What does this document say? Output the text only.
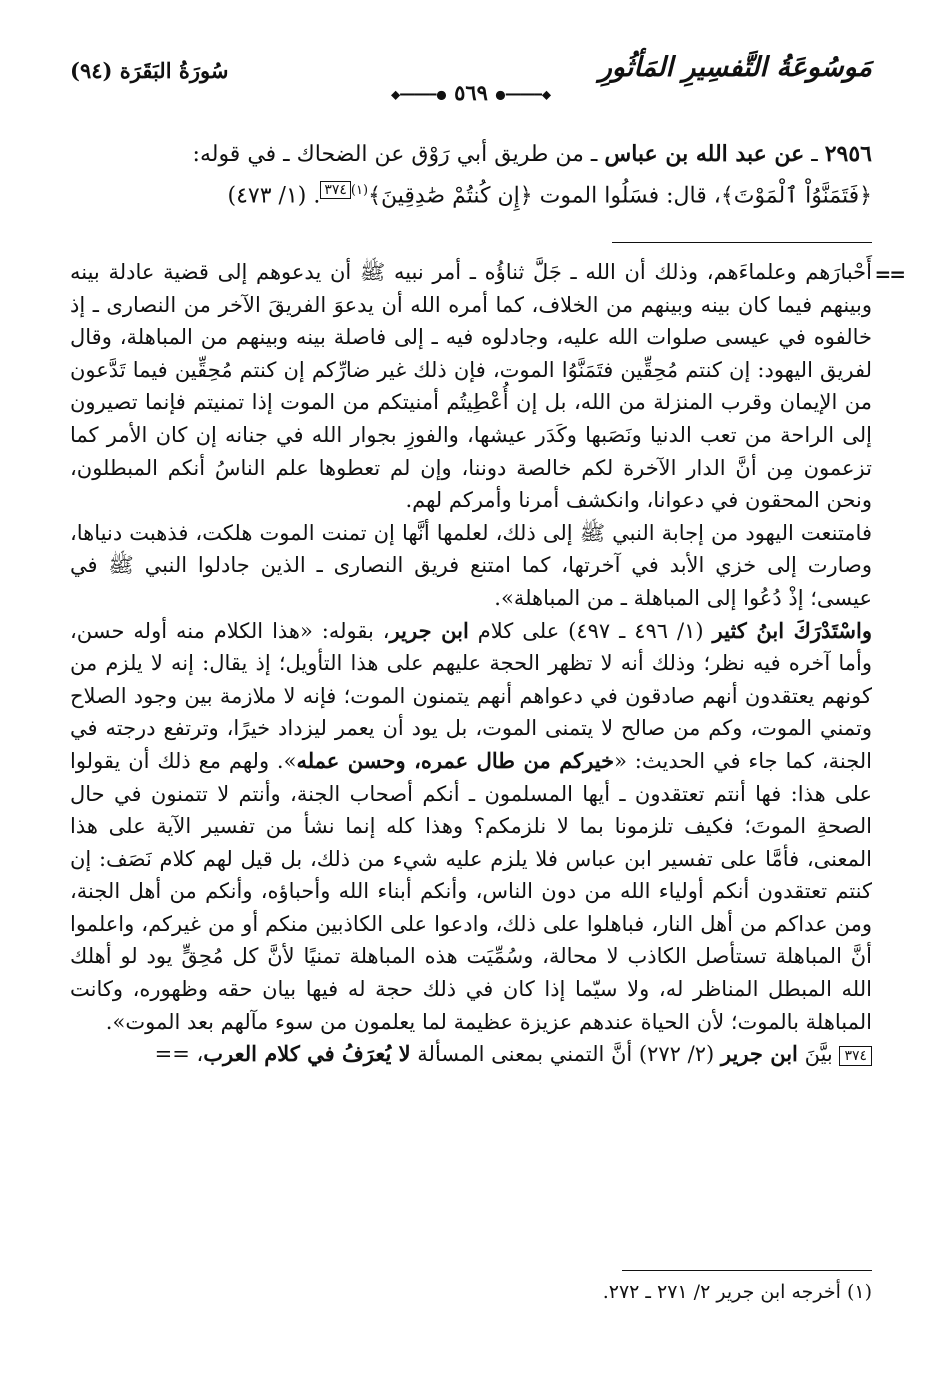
مَوسُوعَةُ التَّفسِيرِ المَأثُورِ
سُورَةُ البَقَرَة (٩٤)
◆━━━━━● ٥٦٩ ●━━━━━◆
٢٩٥٦ ـ عن عبد الله بن عباس ـ من طريق أبي رَوْق عن الضحاك ـ في قوله:
﴿فَتَمَنَّوُاْ ٱلْمَوْتَ﴾، قال: فسَلُوا الموت ﴿إِن كُنتُمْ صَٰدِقِينَ﴾$^{(١)}$٣٧٤. (١/ ٤٧٣)
==

أَحْبارَهم وعلماءَهم، وذلك أن الله ـ جَلَّ ثناؤُه ـ أمر نبيه ﷺ أن يدعوهم إلى قضية عادلة بينه وبينهم فيما كان بينه وبينهم من الخلاف، كما أمره الله أن يدعوَ الفريقَ الآخر من النصارى ـ إذ خالفوه في عيسى صلوات الله عليه، وجادلوه فيه ـ إلى فاصلة بينه وبينهم من المباهلة، وقال لفريق اليهود: إن كنتم مُحِقِّين فتَمَنَّوُا الموت، فإن ذلك غير ضارِّكم إن كنتم مُحِقِّين فيما تَدَّعون من الإيمان وقرب المنزلة من الله، بل إن أُعْطِيتُم أمنيتكم من الموت إذا تمنيتم فإنما تصيرون إلى الراحة من تعب الدنيا ونَصَبها وكَدَر عيشها، والفوزِ بجوار الله في جنانه إن كان الأمر كما تزعمون مِن أنَّ الدار الآخرة لكم خالصة دوننا، وإن لم تعطوها علم الناسُ أنكم المبطلون، ونحن المحقون في دعوانا، وانكشف أمرنا وأمركم لهم.

فامتنعت اليهود من إجابة النبي ﷺ إلى ذلك، لعلمها أنَّها إن تمنت الموت هلكت، فذهبت دنياها، وصارت إلى خزي الأبد في آخرتها، كما امتنع فريق النصارى ـ الذين جادلوا النبي ﷺ في عيسى؛ إذْ دُعُوا إلى المباهلة ـ من المباهلة».

واسْتَدْرَكَ ابنُ كثير (١/ ٤٩٦ ـ ٤٩٧) على كلام ابن جرير، بقوله: «هذا الكلام منه أوله حسن، وأما آخره فيه نظر؛ وذلك أنه لا تظهر الحجة عليهم على هذا التأويل؛ إذ يقال: إنه لا يلزم من كونهم يعتقدون أنهم صادقون في دعواهم أنهم يتمنون الموت؛ فإنه لا ملازمة بين وجود الصلاح وتمني الموت، وكم من صالح لا يتمنى الموت، بل يود أن يعمر ليزداد خيرًا، وترتفع درجته في الجنة، كما جاء في الحديث: «خيركم من طال عمره، وحسن عمله». ولهم مع ذلك أن يقولوا على هذا: فها أنتم تعتقدون ـ أيها المسلمون ـ أنكم أصحاب الجنة، وأنتم لا تتمنون في حال الصحةِ الموتَ؛ فكيف تلزمونا بما لا نلزمكم؟ وهذا كله إنما نشأ من تفسير الآية على هذا المعنى، فأمَّا على تفسير ابن عباس فلا يلزم عليه شيء من ذلك، بل قيل لهم كلام نَصَف: إن كنتم تعتقدون أنكم أولياء الله من دون الناس، وأنكم أبناء الله وأحباؤه، وأنكم من أهل الجنة، ومن عداكم من أهل النار، فباهلوا على ذلك، وادعوا على الكاذبين منكم أو من غيركم، واعلموا أنَّ المباهلة تستأصل الكاذب لا محالة، وسُمِّيَت هذه المباهلة تمنيًا لأنَّ كل مُحِقٍّ يود لو أهلك الله المبطل المناظر له، ولا سيّما إذا كان في ذلك حجة له فيها بيان حقه وظهوره، وكانت المباهلة بالموت؛ لأن الحياة عندهم عزيزة عظيمة لما يعلمون من سوء مآلهم بعد الموت».

٣٧٤ بيَّنَ ابن جرير (٢/ ٢٧٢) أنَّ التمني بمعنى المسألة لا يُعرَفُ في كلام العرب، ==

(١) أخرجه ابن جرير ٢/ ٢٧١ ـ ٢٧٢.
